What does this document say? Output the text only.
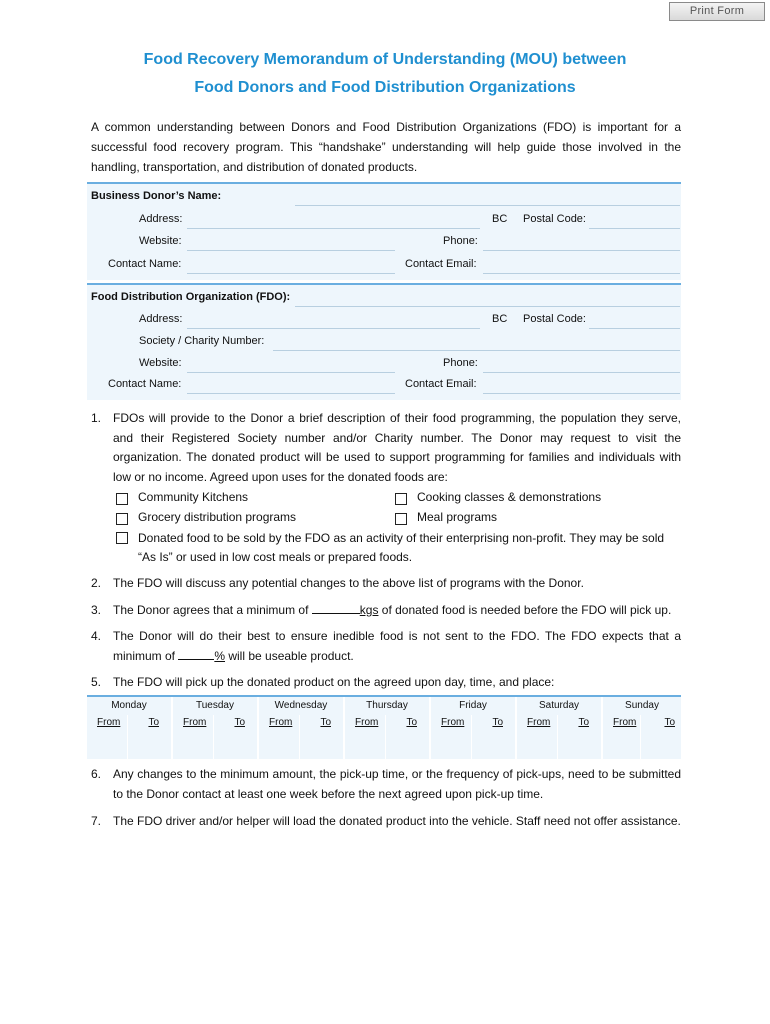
Print Form
Food Recovery Memorandum of Understanding (MOU) between
Food Donors and Food Distribution Organizations
A common understanding between Donors and Food Distribution Organizations (FDO) is important for a successful food recovery program. This “handshake” understanding will help guide those involved in the handling, transportation, and distribution of donated products.
Business Donor’s Name:
Address:	BC Postal Code:
Website:	Phone:
Contact Name:	Contact Email:
Food Distribution Organization (FDO):
Address:	BC Postal Code:
Society / Charity Number:
Website:	Phone:
Contact Name:	Contact Email:
1. FDOs will provide to the Donor a brief description of their food programming, the population they serve, and their Registered Society number and/or Charity number. The Donor may request to visit the organization. The donated product will be used to support programming for families and individuals with low or no income. Agreed upon uses for the donated foods are:
Community Kitchens	Cooking classes & demonstrations
Grocery distribution programs	Meal programs
Donated food to be sold by the FDO as an activity of their enterprising non-profit. They may be sold “As Is” or used in low cost meals or prepared foods.
2. The FDO will discuss any potential changes to the above list of programs with the Donor.
3. The Donor agrees that a minimum of	kgs of donated food is needed before the FDO will pick up.
4. The Donor will do their best to ensure inedible food is not sent to the FDO. The FDO expects that a minimum of	% will be useable product.
5. The FDO will pick up the donated product on the agreed upon day, time, and place:
Monday
From	To
Tuesday
From	To
Wednesday
From	To
Thursday
From	To
Friday
From	To
Saturday
From	To
Sunday
From	To
6. Any changes to the minimum amount, the pick-up time, or the frequency of pick-ups, need to be submitted to the Donor contact at least one week before the next agreed upon pick-up time.
7. The FDO driver and/or helper will load the donated product into the vehicle. Staff need not offer assistance.
